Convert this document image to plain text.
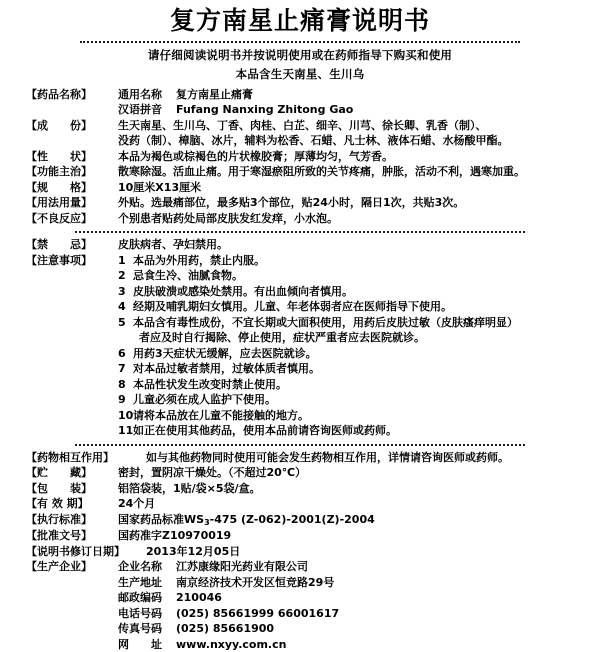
复方南星止痛膏说明书
请仔细阅读说明书并按说明使用或在药师指导下购买和使用
本品含生天南星、生川乌
【药品名称】	通用名称 复方南星止痛膏
汉语拼音 Fufang Nanxing Zhitong Gao
【成　　份】	生天南星、生川乌、丁香、肉桂、白芷、细辛、川芎、徐长卿、乳香（制）、
没药（制）、樟脑、冰片，辅料为松香、石蜡、凡士林、液体石蜡、水杨酸甲酯。
【性　　状】	本品为褐色或棕褐色的片状橡胶膏；厚薄均匀，气芳香。
【功能主治】	散寒除湿。活血止痛。用于寒湿瘀阻所致的关节疼痛，肿胀，活动不利，遇寒加重。
【规　　格】	10厘米X13厘米
【用法用量】	外贴。选最痛部位，最多贴3个部位，贴24小时，隔日1次，共贴3次。
【不良反应】	个别患者贴药处局部皮肤发红发痒，小水泡。
【禁　　忌】	皮肤病者、孕妇禁用。
【注意事项】	1 本品为外用药，禁止内服。
2 忌食生冷、油腻食物。
3 皮肤破溃或感染处禁用。有出血倾向者慎用。
4 经期及哺乳期妇女慎用。儿童、年老体弱者应在医师指导下使用。
5 本品含有毒性成份，不宜长期或大面积使用，用药后皮肤过敏（皮肤瘙痒明显）
者应及时自行揭除、停止使用，症状严重者应去医院就诊。
6 用药3天症状无缓解，应去医院就诊。
7 对本品过敏者禁用，过敏体质者慎用。
8 本品性状发生改变时禁止使用。
9 儿童必须在成人监护下使用。
10 请将本品放在儿童不能接触的地方。
11 如正在使用其他药品，使用本品前请咨询医师或药师。
【药物相互作用】	如与其他药物同时使用可能会发生药物相互作用，详情请咨询医师或药师。
【贮　　藏】	密封，置阴凉干燥处。（不超过20℃）
【包　　装】	铝箔袋装，1贴/袋×5袋/盒。
【有 效 期】	24个月
【执行标准】	国家药品标准$WS_3-475$ (Z-062)-2001(Z)-2004
【批准文号】	国药准字Z10970019
【说明书修订日期】	2013年12月05日
【生产企业】	企业名称 江苏康缘阳光药业有限公司
生产地址 南京经济技术开发区恒竞路29号
邮政编码 210046
电话号码 (025) 85661999 66001617
传真号码 (025) 85661900
网　　址 www.nxyy.com.cn
